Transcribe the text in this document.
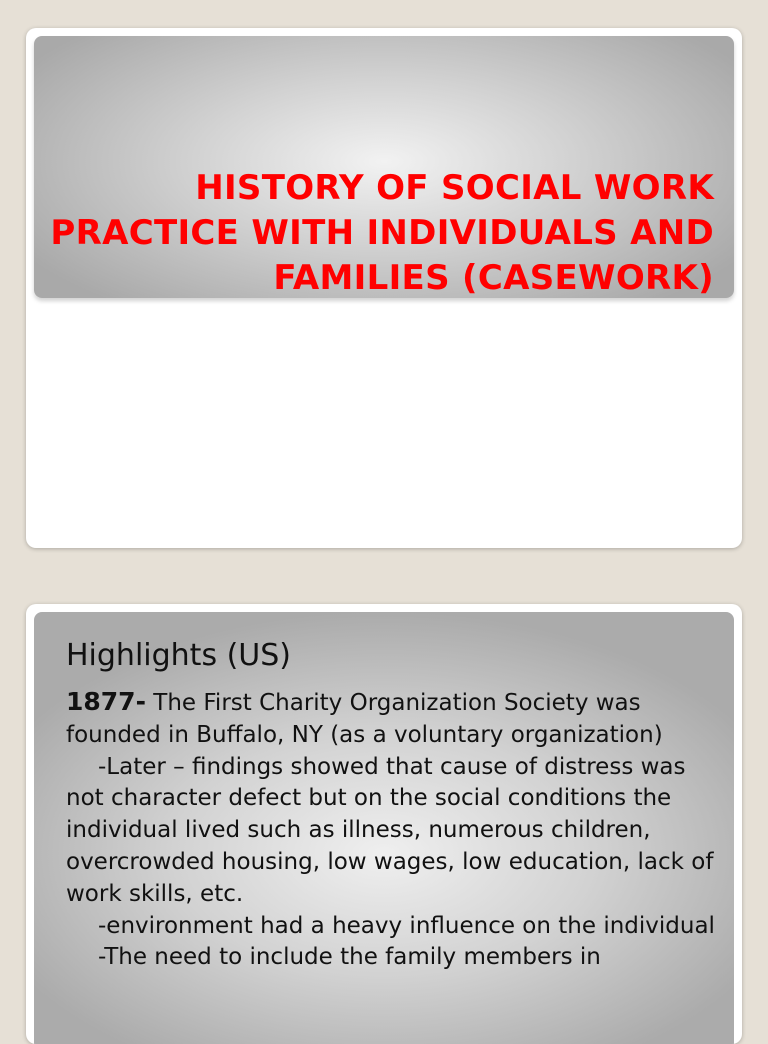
HISTORY OF SOCIAL WORK PRACTICE WITH INDIVIDUALS AND FAMILIES (CASEWORK)
Highlights (US)
1877- The First Charity Organization Society was founded in Buffalo, NY (as a voluntary organization)
-Later – findings showed that cause of distress was not character defect but on the social conditions the individual lived such as illness, numerous children, overcrowded housing, low wages, low education, lack of work skills, etc.
-environment had a heavy influence on the individual
-The need to include the family members in
